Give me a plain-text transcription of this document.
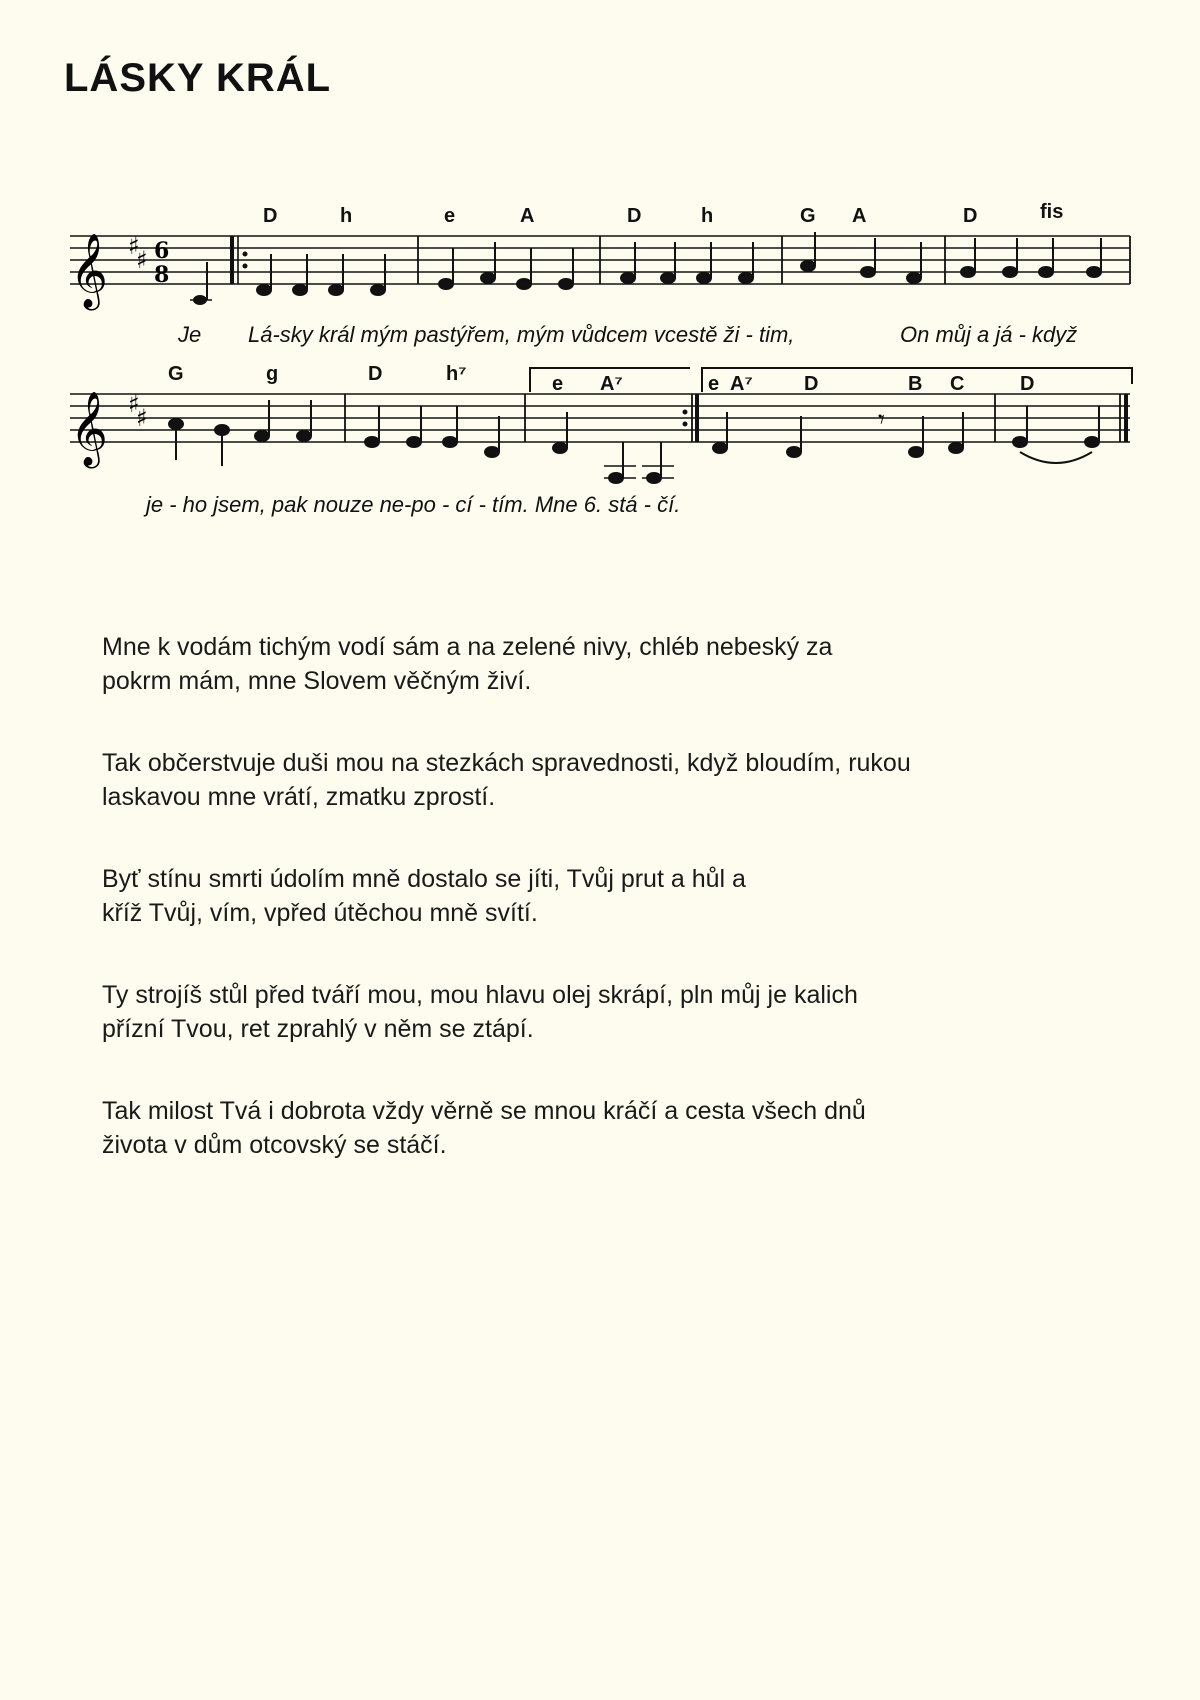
LÁSKY KRÁL
𝄞 ♯
♯ 6
8
D	h	e	A	D	h	G A	D	fis
Je Lá-sky král mým pastýřem, mým vůdcem vcestě ži - tim,	On můj a já - když
𝄞 ♯
♯	𝄾
G	g	D	h⁷	e A⁷	e A⁷	D	B C	D
je - ho jsem, pak nouze ne-po - cí - tím. Mne 6. stá - čí.

Mne k vodám tichým vodí sám a na zelené nivy, chléb nebeský za
pokrm mám, mne Slovem věčným živí.

Tak občerstvuje duši mou na stezkách spravednosti, když bloudím, rukou
laskavou mne vrátí, zmatku zprostí.

Byť stínu smrti údolím mně dostalo se jíti, Tvůj prut a hůl a
kříž Tvůj, vím, vpřed útěchou mně svítí.

Ty strojíš stůl před tváří mou, mou hlavu olej skrápí, pln můj je kalich
přízní Tvou, ret zprahlý v něm se ztápí.

Tak milost Tvá i dobrota vždy věrně se mnou kráčí a cesta všech dnů
života v dům otcovský se stáčí.
